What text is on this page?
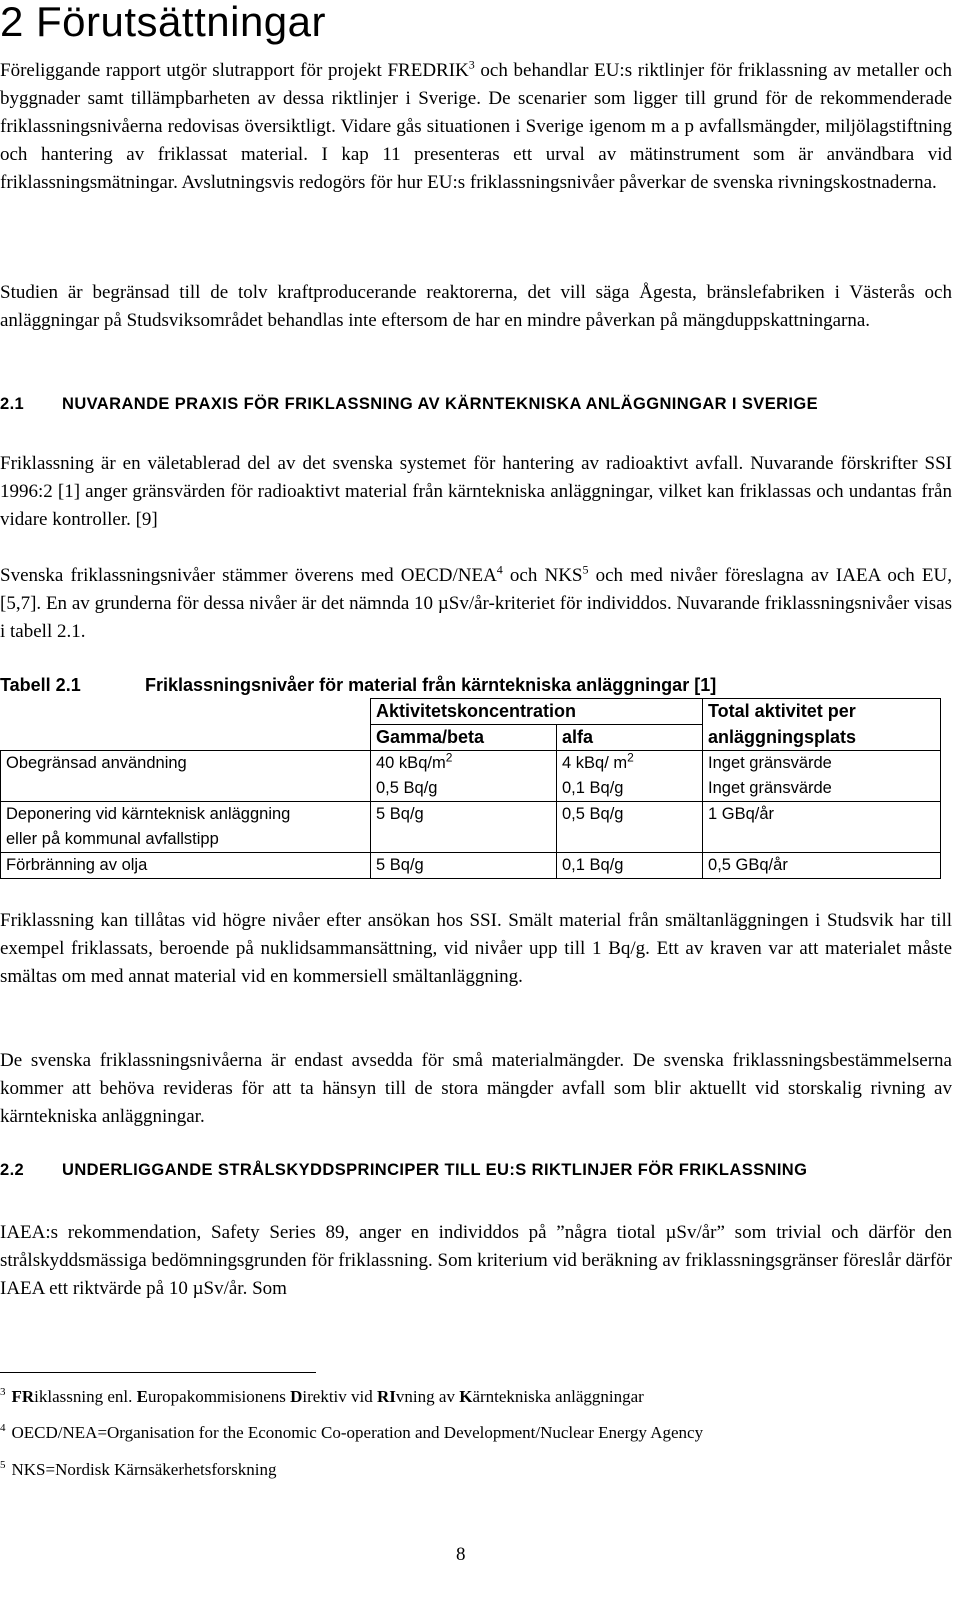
2 Förutsättningar

Föreliggande rapport utgör slutrapport för projekt FREDRIK$^3$ och behandlar EU:s riktlinjer för friklassning av metaller och byggnader samt tillämpbarheten av dessa riktlinjer i Sverige. De scenarier som ligger till grund för de rekommenderade friklassningsnivåerna redovisas översiktligt. Vidare gås situationen i Sverige igenom m a p avfallsmängder, miljölagstiftning och hantering av friklassat material. I kap 11 presenteras ett urval av mätinstrument som är användbara vid friklassningsmätningar. Avslutningsvis redogörs för hur EU:s friklassningsnivåer påverkar de svenska rivningskostnaderna.

Studien är begränsad till de tolv kraftproducerande reaktorerna, det vill säga Ågesta, bränslefabriken i Västerås och anläggningar på Studsviksområdet behandlas inte eftersom de har en mindre påverkan på mängduppskattningarna.

2.1 NUVARANDE PRAXIS FÖR FRIKLASSNING AV KÄRNTEKNISKA ANLÄGGNINGAR I SVERIGE

Friklassning är en väletablerad del av det svenska systemet för hantering av radioaktivt avfall. Nuvarande förskrifter SSI 1996:2 [1] anger gränsvärden för radioaktivt material från kärntekniska anläggningar, vilket kan friklassas och undantas från vidare kontroller. [9]

Svenska friklassningsnivåer stämmer överens med OECD/NEA$^4$ och NKS$^5$ och med nivåer föreslagna av IAEA och EU, [5,7]. En av grunderna för dessa nivåer är det nämnda 10 µSv/år-kriteriet för individdos. Nuvarande friklassningsnivåer visas i tabell 2.1.

Tabell 2.1	Friklassningsnivåer för material från kärntekniska anläggningar [1]
	Aktivitetskoncentration		Total aktivitet per
	Gamma/beta	alfa	anläggningsplats
Obegränsad användning	40 kBq/$m^2$	4 kBq/ $m^2$	Inget gränsvärde
	0,5 Bq/g	0,1 Bq/g	Inget gränsvärde
Deponering vid kärnteknisk anläggning
eller på kommunal avfallstipp	5 Bq/g	0,5 Bq/g	1 GBq/år
Förbränning av olja	5 Bq/g	0,1 Bq/g	0,5 GBq/år

Friklassning kan tillåtas vid högre nivåer efter ansökan hos SSI. Smält material från smältanläggningen i Studsvik har till exempel friklassats, beroende på nuklidsammansättning, vid nivåer upp till 1 Bq/g. Ett av kraven var att materialet måste smältas om med annat material vid en kommersiell smältanläggning.

De svenska friklassningsnivåerna är endast avsedda för små materialmängder. De svenska friklassningsbestämmelserna kommer att behöva revideras för att ta hänsyn till de stora mängder avfall som blir aktuellt vid storskalig rivning av kärntekniska anläggningar.

2.2 UNDERLIGGANDE STRÅLSKYDDSPRINCIPER TILL EU:S RIKTLINJER FÖR FRIKLASSNING

IAEA:s rekommendation, Safety Series 89, anger en individdos på ”några tiotal µSv/år” som trivial och därför den strålskyddsmässiga bedömningsgrunden för friklassning. Som kriterium vid beräkning av friklassningsgränser föreslår därför IAEA ett riktvärde på 10 µSv/år. Som

$^3$ FRiklassning enl. Europakommisionens Direktiv vid RIvning av Kärntekniska anläggningar

$^4$ OECD/NEA=Organisation for the Economic Co-operation and Development/Nuclear Energy Agency

$^5$ NKS=Nordisk Kärnsäkerhetsforskning

8
